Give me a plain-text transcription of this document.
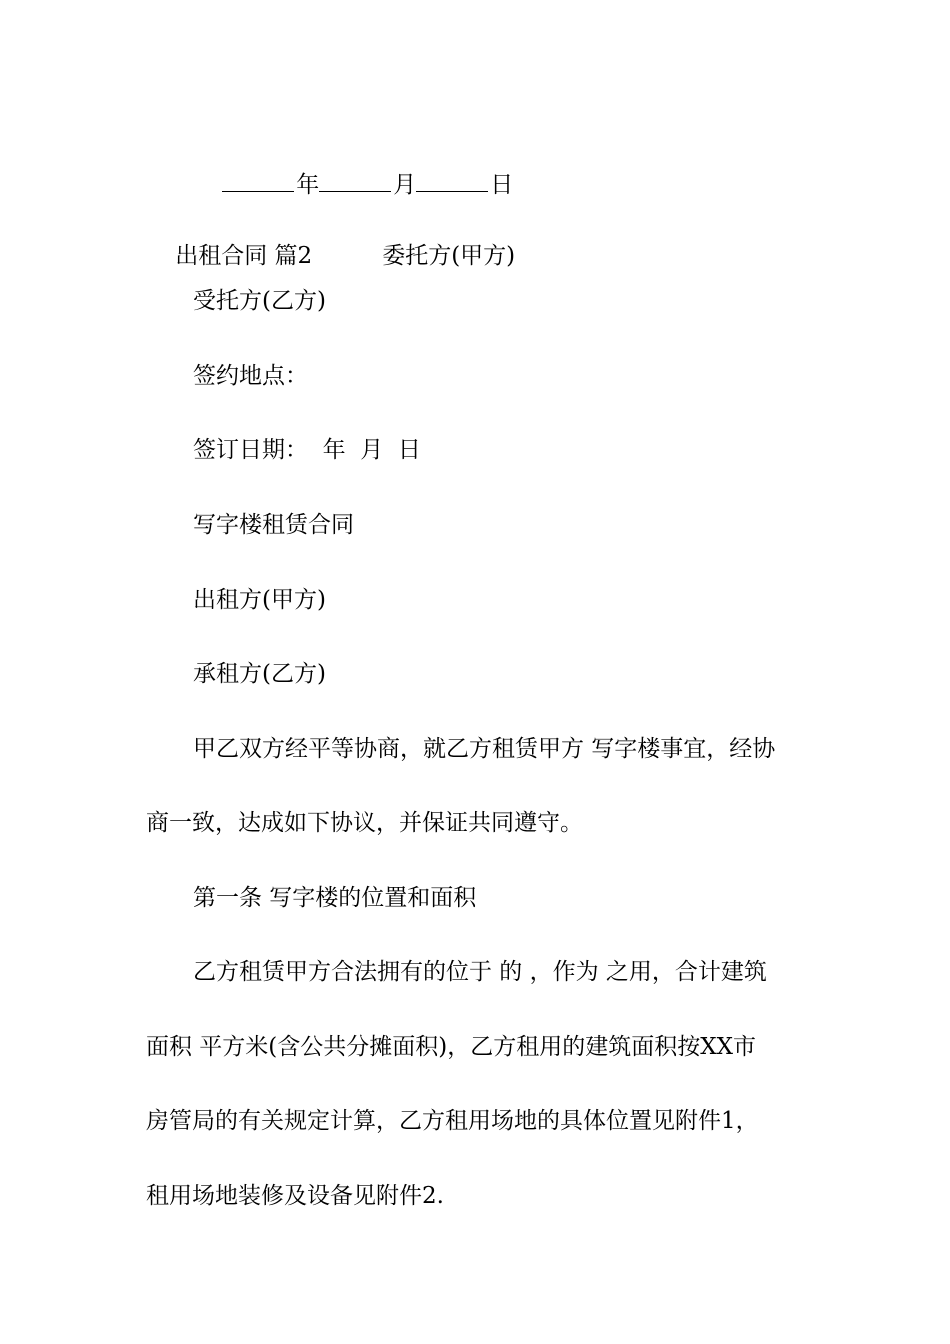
年	月	日

出租合同 篇2	委托方(甲方)

受托方(乙方)
签约地点：
签订日期：  年  月  日
写字楼租赁合同
出租方(甲方)
承租方(乙方)
甲乙双方经平等协商，就乙方租赁甲方 写字楼事宜，经协
商一致，达成如下协议，并保证共同遵守。
第一条 写字楼的位置和面积
乙方租赁甲方合法拥有的位于 的 ，作为 之用，合计建筑
面积 平方米(含公共分摊面积)，乙方租用的建筑面积按XX市
房管局的有关规定计算，乙方租用场地的具体位置见附件1，
租用场地装修及设备见附件2.
